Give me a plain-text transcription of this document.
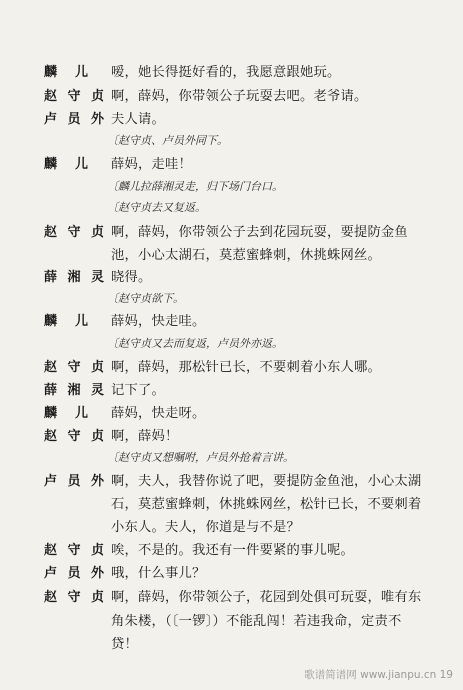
麟　儿 嗳，她长得挺好看的，我愿意跟她玩。
赵守贞 啊，薛妈，你带领公子玩耍去吧。老爷请。
卢员外 夫人请。
〔赵守贞、卢员外同下。
麟　儿 薛妈，走哇！
〔麟儿拉薛湘灵走，归下场门台口。
〔赵守贞去又复返。
赵守贞 啊，薛妈，你带领公子去到花园玩耍，要提防金鱼
池，小心太湖石，莫惹蜜蜂刺，休挑蛛网丝。
薛湘灵 晓得。
〔赵守贞欲下。
麟　儿 薛妈，快走哇。
〔赵守贞又去而复返，卢员外亦返。
赵守贞 啊，薛妈，那松针已长，不要刺着小东人哪。
薛湘灵 记下了。
麟　儿 薛妈，快走呀。
赵守贞 啊，薛妈！
〔赵守贞又想嘱咐，卢员外抢着言讲。
卢员外 啊，夫人，我替你说了吧，要提防金鱼池，小心太湖
石，莫惹蜜蜂刺，休挑蛛网丝，松针已长，不要刺着
小东人。夫人，你道是与不是？
赵守贞 唉，不是的。我还有一件要紧的事儿呢。
卢员外 哦，什么事儿？
赵守贞 啊，薛妈，你带领公子，花园到处俱可玩耍，唯有东
角朱楼，（〔一锣〕）不能乱闯！若违我命，定责不
贷！
歌谱简谱网 www.jianpu.cn 19
